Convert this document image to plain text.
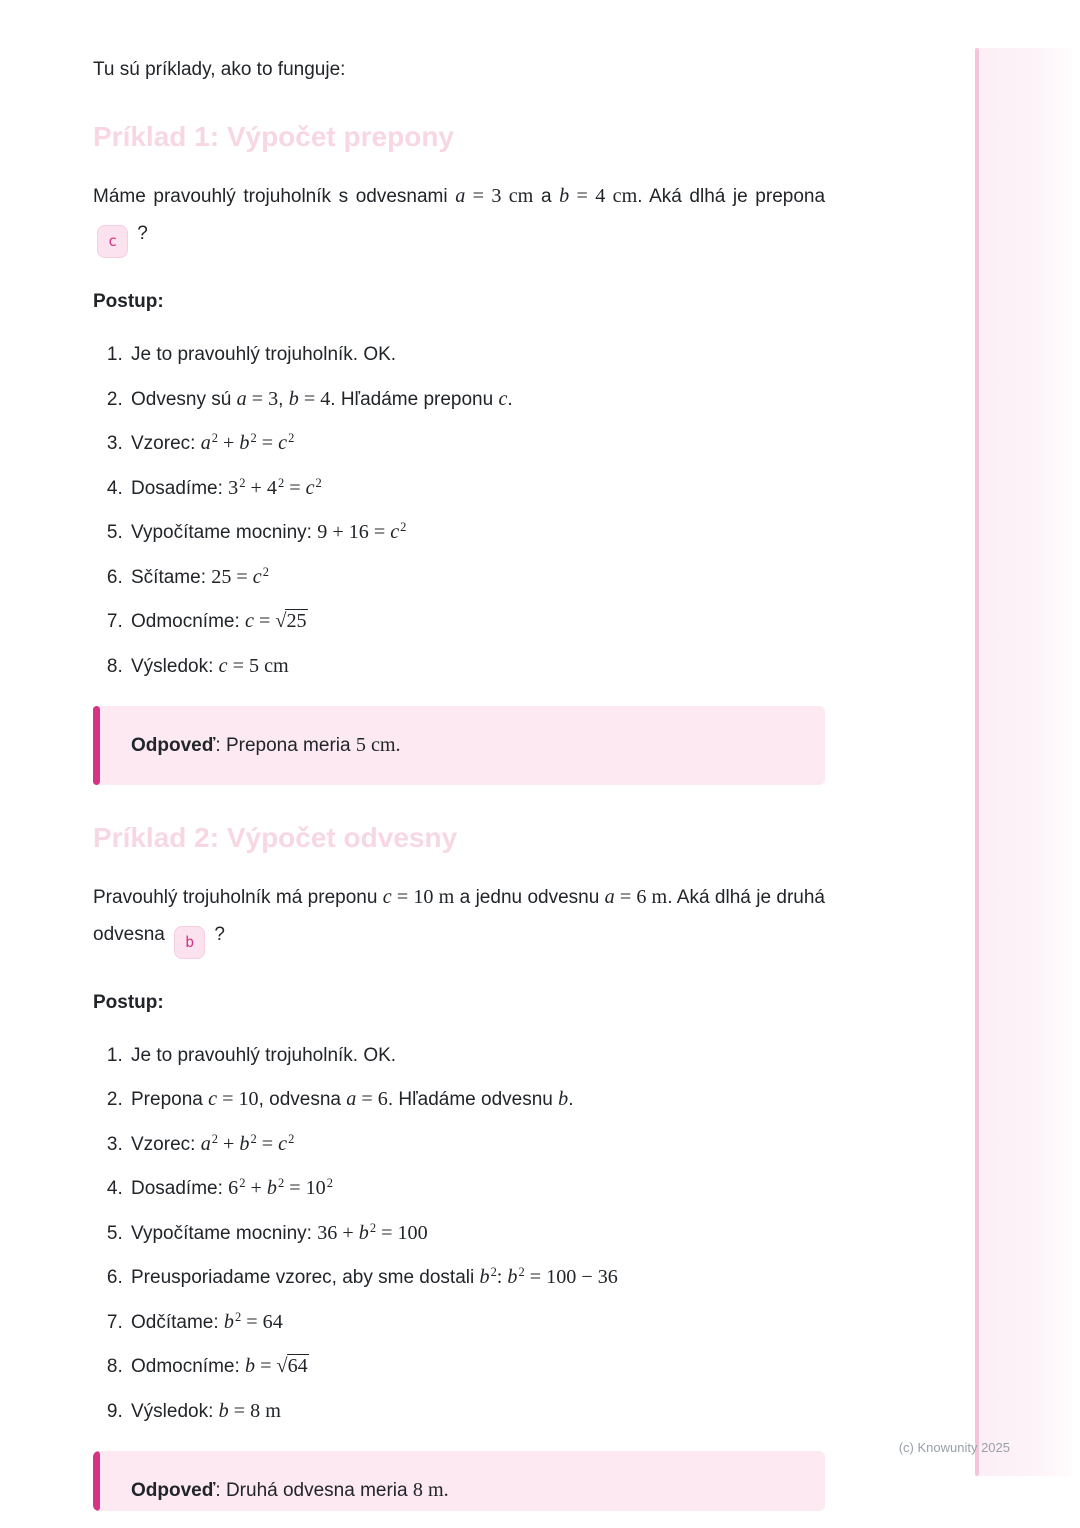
Tu sú príklady, ako to funguje:

Príklad 1: Výpočet prepony

Máme pravouhlý trojuholník s odvesnami a = 3 cm a b = 4 cm. Aká dlhá je prepona c ?

Postup:

1. Je to pravouhlý trojuholník. OK.
2. Odvesny sú a = 3, b = 4. Hľadáme preponu c.
3. Vzorec: $a^2 + b^2 = c^2$
4. Dosadíme: $3^2 + 4^2 = c^2$
5. Vypočítame mocniny: $9 + 16 = c^2$
6. Sčítame: $25 = c^2$
7. Odmocníme: c = √25
8. Výsledok: c = 5 cm

Odpoveď: Prepona meria 5 cm.

Príklad 2: Výpočet odvesny

Pravouhlý trojuholník má preponu c = 10 m a jednu odvesnu a = 6 m. Aká dlhá je druhá odvesna b ?

Postup:

1. Je to pravouhlý trojuholník. OK.
2. Prepona c = 10, odvesna a = 6. Hľadáme odvesnu b.
3. Vzorec: $a^2 + b^2 = c^2$
4. Dosadíme: $6^2 + b^2 = 10^2$
5. Vypočítame mocniny: $36 + b^2 = 100$
6. Preusporiadame vzorec, aby sme dostali $b^2$: $b^2 = 100 - 36$
7. Odčítame: $b^2 = 64$
8. Odmocníme: b = √64
9. Výsledok: b = 8 m

Odpoveď: Druhá odvesna meria 8 m.

(c) Knowunity 2025
